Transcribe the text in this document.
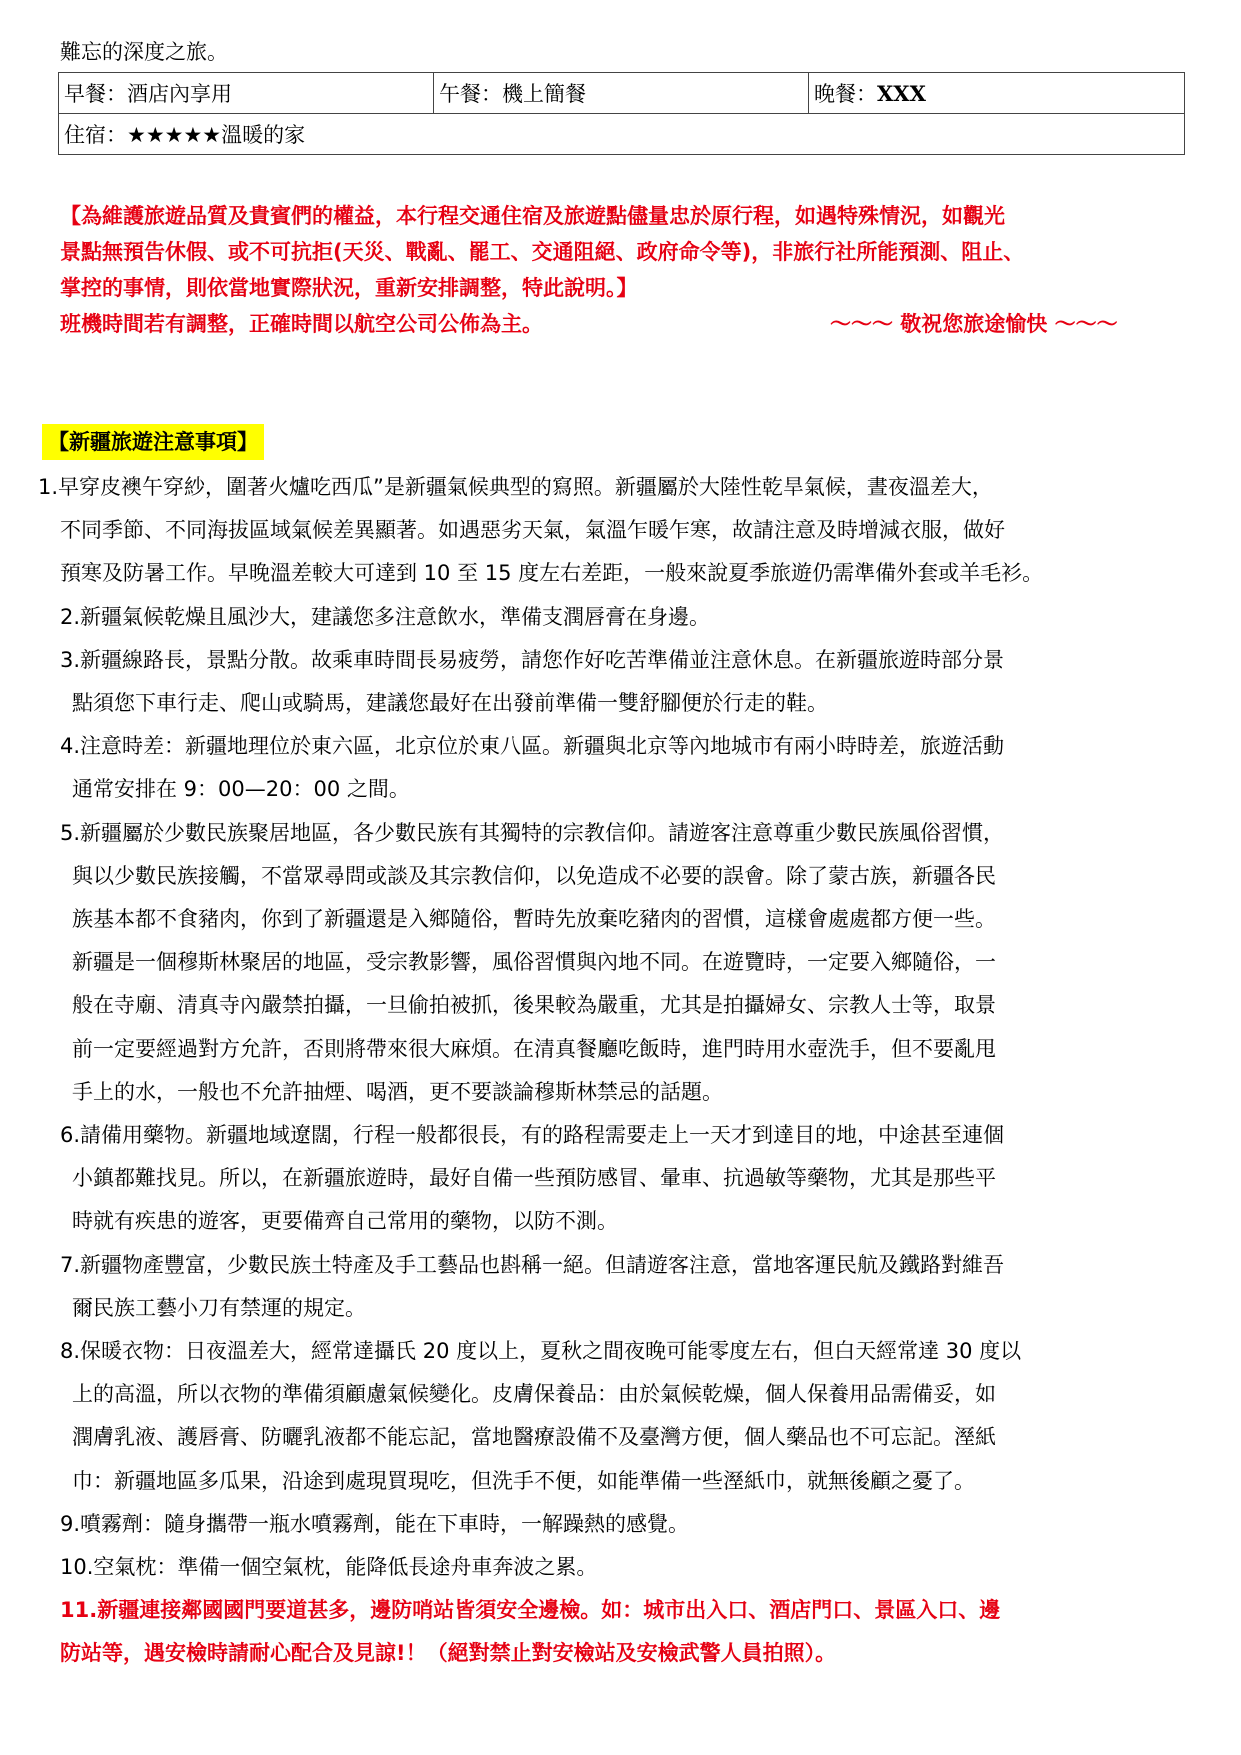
難忘的深度之旅。
早餐：酒店內享用	午餐：機上簡餐	晚餐：XXX
住宿：★★★★★溫暖的家

【為維護旅遊品質及貴賓們的權益，本行程交通住宿及旅遊點儘量忠於原行程，如遇特殊情況，如觀光

景點無預告休假、或不可抗拒(天災、戰亂、罷工、交通阻絕、政府命令等)，非旅行社所能預測、阻止、

掌控的事情，則依當地實際狀況，重新安排調整，特此說明。】

班機時間若有調整，正確時間以航空公司公佈為主。	～～～ 敬祝您旅途愉快 ～～～

【新疆旅遊注意事項】
1.早穿皮襖午穿紗，圍著火爐吃西瓜”是新疆氣候典型的寫照。新疆屬於大陸性乾旱氣候，晝夜溫差大，
不同季節、不同海拔區域氣候差異顯著。如遇惡劣天氣，氣溫乍暖乍寒，故請注意及時增減衣服，做好
預寒及防暑工作。早晚溫差較大可達到 10 至 15 度左右差距，一般來說夏季旅遊仍需準備外套或羊毛衫。
2.新疆氣候乾燥且風沙大，建議您多注意飲水，準備支潤唇膏在身邊。
3.新疆線路長，景點分散。故乘車時間長易疲勞，請您作好吃苦準備並注意休息。在新疆旅遊時部分景
點須您下車行走、爬山或騎馬，建議您最好在出發前準備一雙舒腳便於行走的鞋。
4.注意時差：新疆地理位於東六區，北京位於東八區。新疆與北京等內地城市有兩小時時差，旅遊活動
通常安排在 9：00—20：00 之間。
5.新疆屬於少數民族聚居地區，各少數民族有其獨特的宗教信仰。請遊客注意尊重少數民族風俗習慣，
與以少數民族接觸，不當眾尋問或談及其宗教信仰，以免造成不必要的誤會。除了蒙古族，新疆各民
族基本都不食豬肉，你到了新疆還是入鄉隨俗，暫時先放棄吃豬肉的習慣，這樣會處處都方便一些。
新疆是一個穆斯林聚居的地區，受宗教影響，風俗習慣與內地不同。在遊覽時，一定要入鄉隨俗，一
般在寺廟、清真寺內嚴禁拍攝，一旦偷拍被抓，後果較為嚴重，尤其是拍攝婦女、宗教人士等，取景
前一定要經過對方允許，否則將帶來很大麻煩。在清真餐廳吃飯時，進門時用水壺洗手，但不要亂甩
手上的水，一般也不允許抽煙、喝酒，更不要談論穆斯林禁忌的話題。
6.請備用藥物。新疆地域遼闊，行程一般都很長，有的路程需要走上一天才到達目的地，中途甚至連個
小鎮都難找見。所以，在新疆旅遊時，最好自備一些預防感冒、暈車、抗過敏等藥物，尤其是那些平
時就有疾患的遊客，更要備齊自己常用的藥物，以防不測。
7.新疆物產豐富，少數民族土特產及手工藝品也斟稱一絕。但請遊客注意，當地客運民航及鐵路對維吾
爾民族工藝小刀有禁運的規定。
8.保暖衣物：日夜溫差大，經常達攝氏 20 度以上，夏秋之間夜晚可能零度左右，但白天經常達 30 度以
上的高溫，所以衣物的準備須顧慮氣候變化。皮膚保養品：由於氣候乾燥，個人保養用品需備妥，如
潤膚乳液、護唇膏、防曬乳液都不能忘記，當地醫療設備不及臺灣方便，個人藥品也不可忘記。溼紙
巾：新疆地區多瓜果，沿途到處現買現吃，但洗手不便，如能準備一些溼紙巾，就無後顧之憂了。
9.噴霧劑：隨身攜帶一瓶水噴霧劑，能在下車時，一解躁熱的感覺。
10.空氣枕：準備一個空氣枕，能降低長途舟車奔波之累。
11.新疆連接鄰國國門要道甚多，邊防哨站皆須安全邊檢。如：城市出入口、酒店門口、景區入口、邊
防站等，遇安檢時請耐心配合及見諒!！（絕對禁止對安檢站及安檢武警人員拍照）。
